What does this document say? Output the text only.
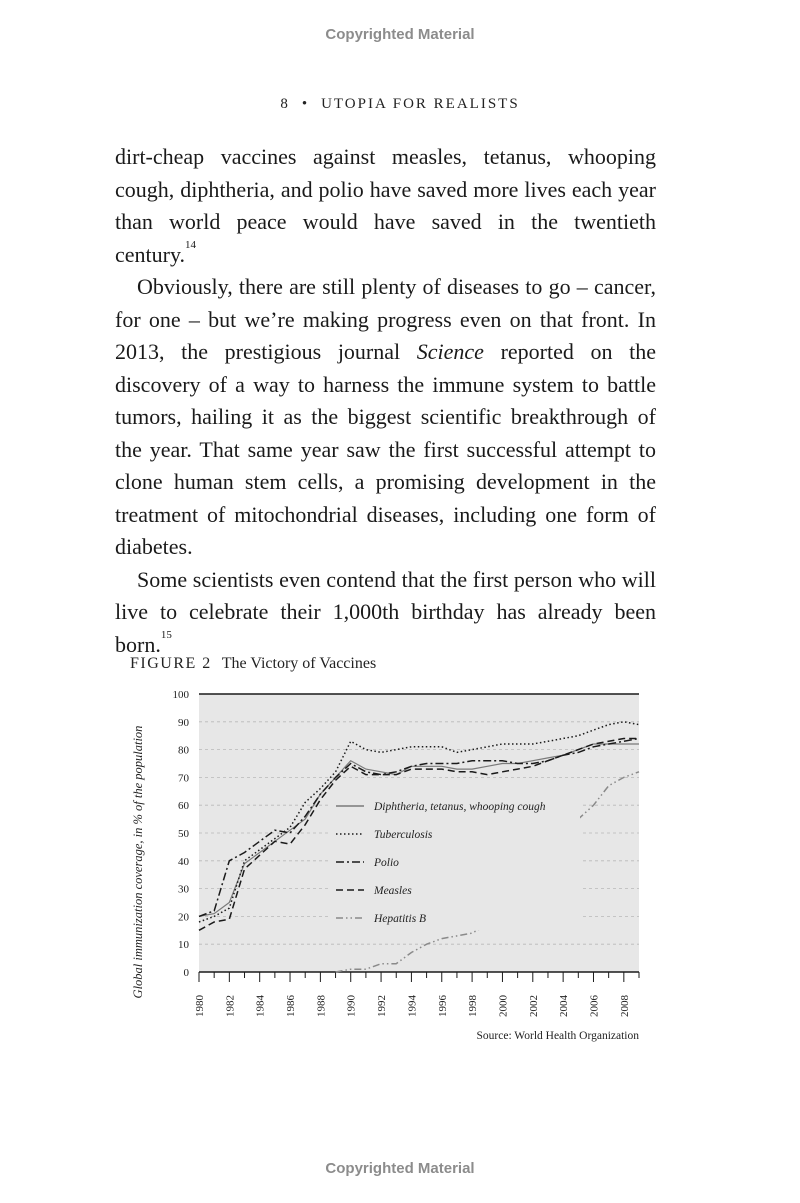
Copyrighted Material
8 • UTOPIA FOR REALISTS

dirt-cheap vaccines against measles, tetanus, whooping cough, diphtheria, and polio have saved more lives each year than world peace would have saved in the twentieth century.$^{14}$

Obviously, there are still plenty of diseases to go – cancer, for one – but we’re making progress even on that front. In 2013, the prestigious journal Science reported on the discovery of a way to harness the immune system to battle tumors, hailing it as the biggest scientific breakthrough of the year. That same year saw the first successful attempt to clone human stem cells, a promising development in the treatment of mitochondrial diseases, including one form of diabetes.

Some scientists even contend that the first person who will live to celebrate their 1,000th birthday has already been born.$^{15}$

FIGURE 2 The Victory of Vaccines
0
10
20
30
40
50
60
70
80
90
100
1980 1982 1984 1986 1988 1990 1992 1994 1996 1998 2000 2002 2004 2006 2008
Global immunization coverage, in % of the population	Diphtheria, tetanus, whooping cough
Tuberculosis
Polio
Measles
Hepatitis B
Source: World Health Organization
Copyrighted Material
